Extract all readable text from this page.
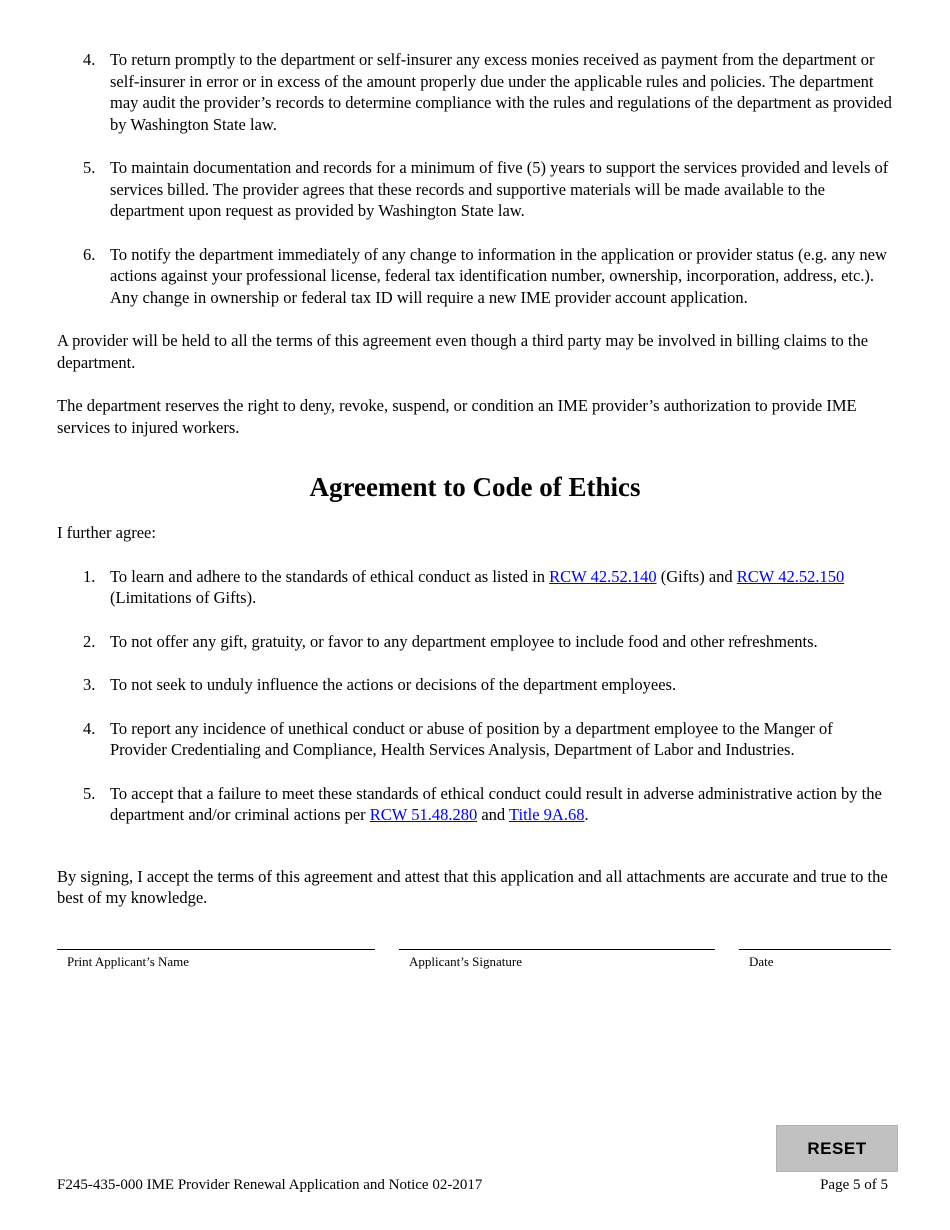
4. To return promptly to the department or self-insurer any excess monies received as payment from the department or self-insurer in error or in excess of the amount properly due under the applicable rules and policies. The department may audit the provider’s records to determine compliance with the rules and regulations of the department as provided by Washington State law.
5. To maintain documentation and records for a minimum of five (5) years to support the services provided and levels of services billed. The provider agrees that these records and supportive materials will be made available to the department upon request as provided by Washington State law.
6. To notify the department immediately of any change to information in the application or provider status (e.g. any new actions against your professional license, federal tax identification number, ownership, incorporation, address, etc.). Any change in ownership or federal tax ID will require a new IME provider account application.

A provider will be held to all the terms of this agreement even though a third party may be involved in billing claims to the department.

The department reserves the right to deny, revoke, suspend, or condition an IME provider’s authorization to provide IME services to injured workers.

Agreement to Code of Ethics

I further agree:

1. To learn and adhere to the standards of ethical conduct as listed in RCW 42.52.140 (Gifts) and RCW 42.52.150 (Limitations of Gifts).
2. To not offer any gift, gratuity, or favor to any department employee to include food and other refreshments.
3. To not seek to unduly influence the actions or decisions of the department employees.
4. To report any incidence of unethical conduct or abuse of position by a department employee to the Manger of Provider Credentialing and Compliance, Health Services Analysis, Department of Labor and Industries.
5. To accept that a failure to meet these standards of ethical conduct could result in adverse administrative action by the department and/or criminal actions per RCW 51.48.280 and Title 9A.68.

By signing, I accept the terms of this agreement and attest that this application and all attachments are accurate and true to the best of my knowledge.

Print Applicant’s Name	Applicant’s Signature	Date
RESET
F245-435-000 IME Provider Renewal Application and Notice 02-2017	Page 5 of 5
